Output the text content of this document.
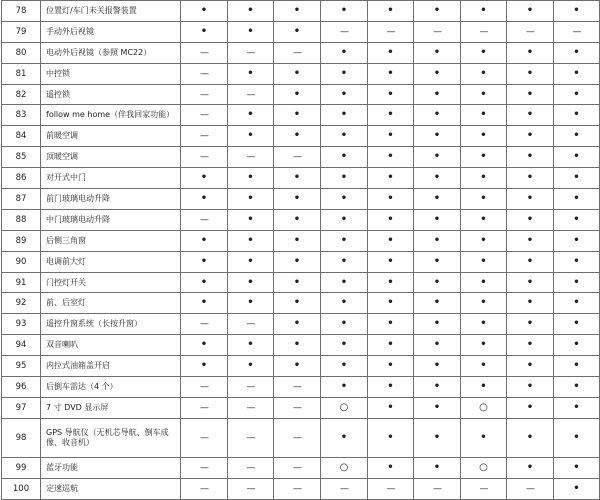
78	位置灯/车门未关报警装置	•	•	•	•	•	•	•	•	•
79	手动外后视镜	•	•	•	—	—	—	—	—	—
80	电动外后视镜（参照 MC22）	—	—	—	•	•	•	•	•	•
81	中控锁	—	•	•	•	•	•	•	•	•
82	遥控锁	—	—	•	•	•	•	•	•	•
83	follow me home（伴我回家功能）	—	•	•	•	•	•	•	•	•
84	前暖空调	—	•	•	•	•	•	•	•	•
85	顶暖空调	—	—	—	•	•	•	•	•	•
86	对开式中门	•	•	•	•	•	•	•	•	•
87	前门玻璃电动升降	•	•	•	•	•	•	•	•	•
88	中门玻璃电动升降	—	•	•	•	•	•	•	•	•
89	后侧三角窗	•	•	•	•	•	•	•	•	•
90	电调前大灯	•	•	•	•	•	•	•	•	•
91	门控灯开关	•	•	•	•	•	•	•	•	•
92	前、后室灯	•	•	•	•	•	•	•	•	•
93	遥控升窗系统（长按升窗）	—	—	•	•	•	•	•	•	•
94	双音喇叭	•	•	•	•	•	•	•	•	•
95	内拉式油箱盖开启	•	•	•	•	•	•	•	•	•
96	后倒车雷达（4 个）	—	—	—	•	•	•	•	•	•
97	7 寸 DVD 显示屏	—	—	—	○	•	•	○	•	•
98	GPS 导航仪（无机芯导航、倒车成像、收音机）	—	—	—	•	•	•	•	•	•
99	蓝牙功能	—	—	—	○	•	•	○	•	•
100	定速巡航	—	—	—	—	—	—	—	—	•
